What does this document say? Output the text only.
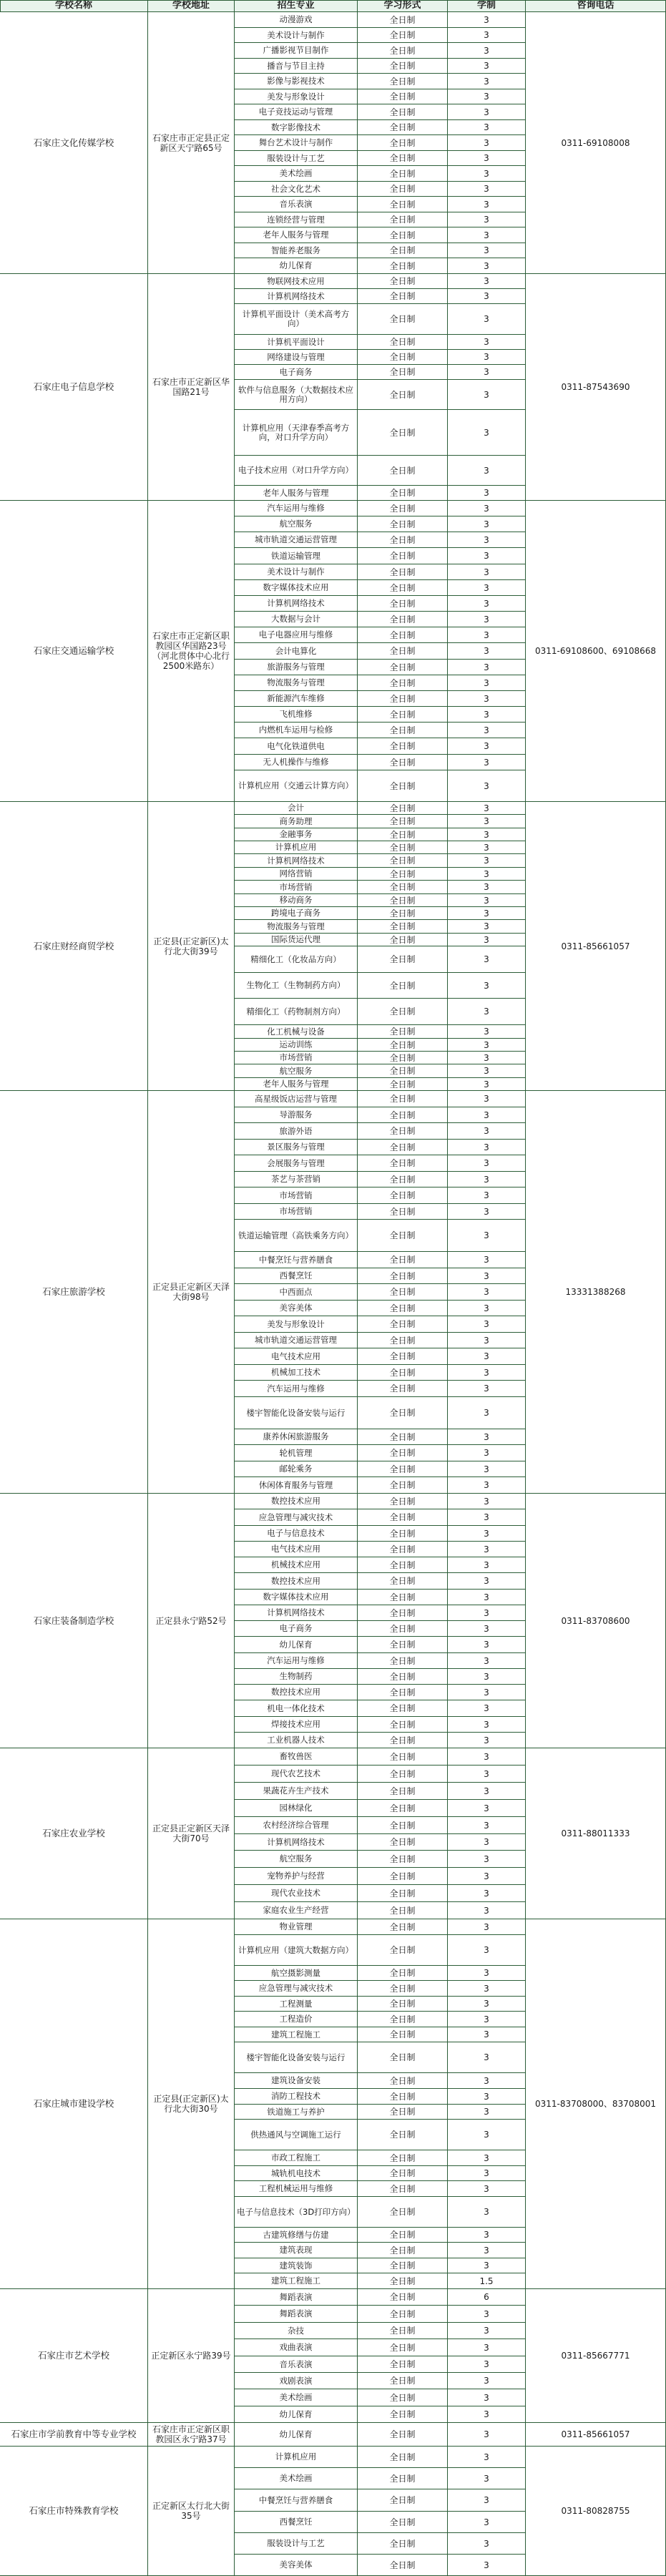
学校名称	学校地址	招生专业	学习形式	学制	咨询电话
石家庄文化传媒学校	石家庄市正定县正定新区天宁路65号	0311-69108008
动漫游戏	全日制	3
美术设计与制作	全日制	3
广播影视节目制作	全日制	3
播音与节目主持	全日制	3
影像与影视技术	全日制	3
美发与形象设计	全日制	3
电子竞技运动与管理	全日制	3
数字影像技术	全日制	3
舞台艺术设计与制作	全日制	3
服装设计与工艺	全日制	3
美术绘画	全日制	3
社会文化艺术	全日制	3
音乐表演	全日制	3
连锁经营与管理	全日制	3
老年人服务与管理	全日制	3
智能养老服务	全日制	3
幼儿保育	全日制	3
石家庄电子信息学校	石家庄市正定新区华国路21号	0311-87543690
物联网技术应用	全日制	3
计算机网络技术	全日制	3
计算机平面设计（美术高考方向）	全日制	3
计算机平面设计	全日制	3
网络建设与管理	全日制	3
电子商务	全日制	3
软件与信息服务（大数据技术应用方向）	全日制	3
计算机应用（天津春季高考方向，对口升学方向）	全日制	3
电子技术应用（对口升学方向）	全日制	3
老年人服务与管理	全日制	3
石家庄交通运输学校
石家庄市正定新区职教园区华国路23号（河北贯体中心北行2500米路东）
0311-69108600、69108668
汽车运用与维修	全日制	3
航空服务	全日制	3
城市轨道交通运营管理	全日制	3
铁道运输管理	全日制	3
美术设计与制作	全日制	3
数字媒体技术应用	全日制	3
计算机网络技术	全日制	3
大数据与会计	全日制	3
电子电器应用与维修	全日制	3
会计电算化	全日制	3
旅游服务与管理	全日制	3
物流服务与管理	全日制	3
新能源汽车维修	全日制	3
飞机维修	全日制	3
内燃机车运用与检修	全日制	3
电气化铁道供电	全日制	3
无人机操作与维修	全日制	3
计算机应用（交通云计算方向）	全日制	3
石家庄财经商贸学校	正定县(正定新区)太行北大街39号	0311-85661057
会计	全日制	3
商务助理	全日制	3
金融事务	全日制	3
计算机应用	全日制	3
计算机网络技术	全日制	3
网络营销	全日制	3
市场营销	全日制	3
移动商务	全日制	3
跨境电子商务	全日制	3
物流服务与管理	全日制	3
国际货运代理	全日制	3
精细化工（化妆品方向）	全日制	3
生物化工（生物制药方向）	全日制	3
精细化工（药物制剂方向）	全日制	3
化工机械与设备	全日制	3
运动训练	全日制	3
市场营销	全日制	3
航空服务	全日制	3
老年人服务与管理	全日制	3
石家庄旅游学校	正定县正定新区天泽大街98号	13331388268
高星级饭店运营与管理	全日制	3
导游服务	全日制	3
旅游外语	全日制	3
景区服务与管理	全日制	3
会展服务与管理	全日制	3
茶艺与茶营销	全日制	3
市场营销	全日制	3
市场营销	全日制	3
铁道运输管理（高铁乘务方向）	全日制	3
中餐烹饪与营养膳食	全日制	3
西餐烹饪	全日制	3
中西面点	全日制	3
美容美体	全日制	3
美发与形象设计	全日制	3
城市轨道交通运营管理	全日制	3
电气技术应用	全日制	3
机械加工技术	全日制	3
汽车运用与维修	全日制	3
楼宇智能化设备安装与运行	全日制	3
康养休闲旅游服务	全日制	3
轮机管理	全日制	3
邮轮乘务	全日制	3
休闲体育服务与管理	全日制	3
石家庄装备制造学校	正定县永宁路52号	0311-83708600
数控技术应用	全日制	3
应急管理与减灾技术	全日制	3
电子与信息技术	全日制	3
电气技术应用	全日制	3
机械技术应用	全日制	3
数控技术应用	全日制	3
数字媒体技术应用	全日制	3
计算机网络技术	全日制	3
电子商务	全日制	3
幼儿保育	全日制	3
汽车运用与维修	全日制	3
生物制药	全日制	3
数控技术应用	全日制	3
机电一体化技术	全日制	3
焊接技术应用	全日制	3
工业机器人技术	全日制	3
石家庄农业学校	正定县正定新区天泽大街70号	0311-88011333
畜牧兽医	全日制	3
现代农艺技术	全日制	3
果蔬花卉生产技术	全日制	3
园林绿化	全日制	3
农村经济综合管理	全日制	3
计算机网络技术	全日制	3
航空服务	全日制	3
宠物养护与经营	全日制	3
现代农业技术	全日制	3
家庭农业生产经营	全日制	3
石家庄城市建设学校	正定县(正定新区)太行北大街30号	0311-83708000、83708001
物业管理	全日制	3
计算机应用（建筑大数据方向）	全日制	3
航空摄影测量	全日制	3
应急管理与减灾技术	全日制	3
工程测量	全日制	3
工程造价	全日制	3
建筑工程施工	全日制	3
楼宇智能化设备安装与运行	全日制	3
建筑设备安装	全日制	3
消防工程技术	全日制	3
铁道施工与养护	全日制	3
供热通风与空调施工运行	全日制	3
市政工程施工	全日制	3
城轨机电技术	全日制	3
工程机械运用与维修	全日制	3
电子与信息技术（3D打印方向）	全日制	3
古建筑修缮与仿建	全日制	3
建筑表现	全日制	3
建筑装饰	全日制	3
建筑工程施工	全日制	1.5
石家庄市艺术学校	正定新区永宁路39号	0311-85667771
舞蹈表演	全日制	6
舞蹈表演	全日制	3
杂技	全日制	3
戏曲表演	全日制	3
音乐表演	全日制	3
戏剧表演	全日制	3
美术绘画	全日制	3
幼儿保育	全日制	3
石家庄市学前教育中等专业学校	石家庄市正定新区职教园区永宁路37号	0311-85661057
幼儿保育	全日制	3
石家庄市特殊教育学校	正定新区太行北大街35号	0311-80828755
计算机应用	全日制	3
美术绘画	全日制	3
中餐烹饪与营养膳食	全日制	3
西餐烹饪	全日制	3
服装设计与工艺	全日制	3
美容美体	全日制	3
